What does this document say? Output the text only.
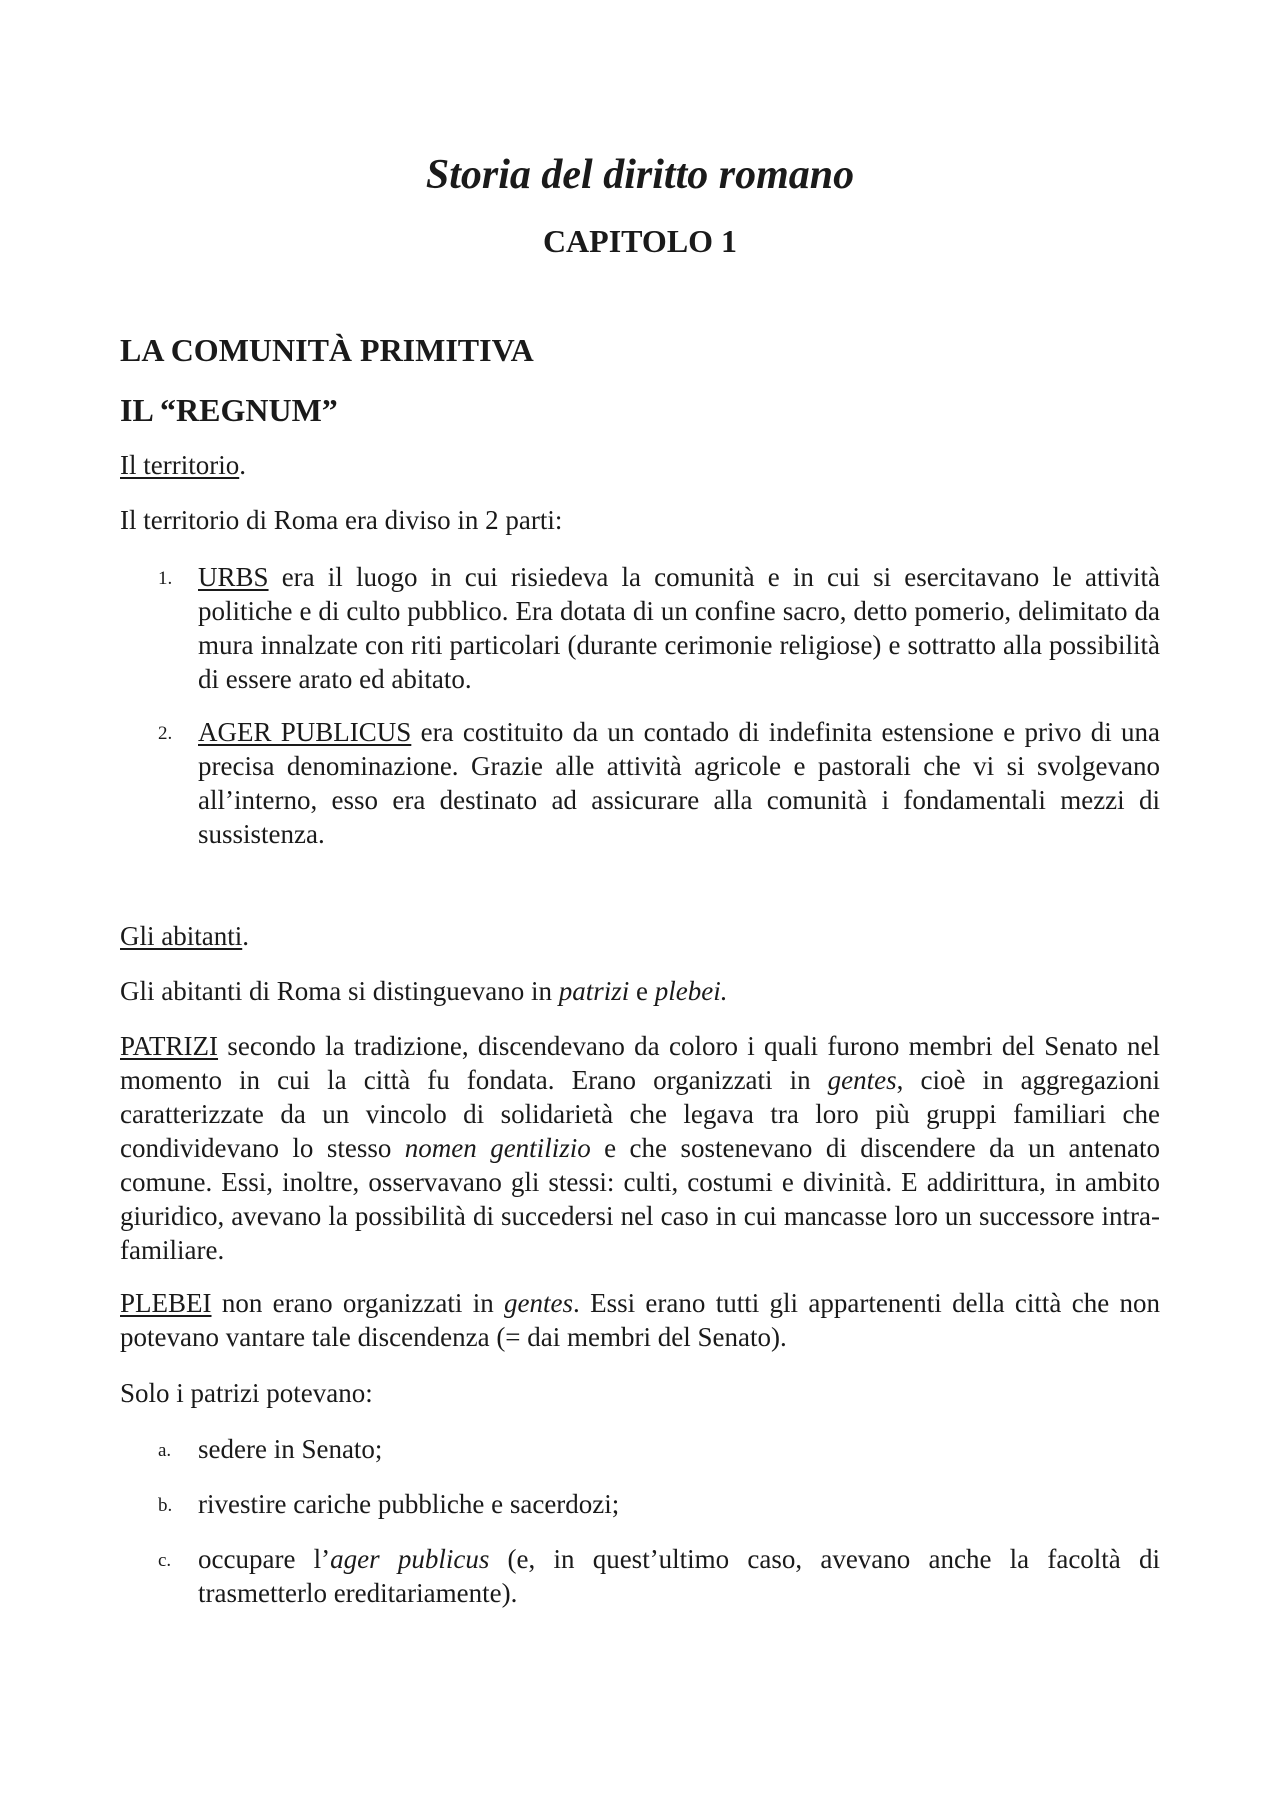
Storia del diritto romano
CAPITOLO 1
LA COMUNITÀ PRIMITIVA
IL “REGNUM”
Il territorio.
Il territorio di Roma era diviso in 2 parti:
1. URBS era il luogo in cui risiedeva la comunità e in cui si esercitavano le attività politiche e di culto pubblico. Era dotata di un confine sacro, detto pomerio, delimitato da mura innalzate con riti particolari (durante cerimonie religiose) e sottratto alla possibilità di essere arato ed abitato.
2. AGER PUBLICUS era costituito da un contado di indefinita estensione e privo di una precisa denominazione. Grazie alle attività agricole e pastorali che vi si svolgevano all’interno, esso era destinato ad assicurare alla comunità i fondamentali mezzi di sussistenza.
Gli abitanti.
Gli abitanti di Roma si distinguevano in patrizi e plebei.
PATRIZI secondo la tradizione, discendevano da coloro i quali furono membri del Senato nel momento in cui la città fu fondata. Erano organizzati in gentes, cioè in aggregazioni caratterizzate da un vincolo di solidarietà che legava tra loro più gruppi familiari che condividevano lo stesso nomen gentilizio e che sostenevano di discendere da un antenato comune. Essi, inoltre, osservavano gli stessi: culti, costumi e divinità. E addirittura, in ambito giuridico, avevano la possibilità di succedersi nel caso in cui mancasse loro un successore intra-familiare.
PLEBEI non erano organizzati in gentes. Essi erano tutti gli appartenenti della città che non potevano vantare tale discendenza (= dai membri del Senato).
Solo i patrizi potevano:
a. sedere in Senato;
b. rivestire cariche pubbliche e sacerdozi;
c. occupare l’ager publicus (e, in quest’ultimo caso, avevano anche la facoltà di trasmetterlo ereditariamente).
